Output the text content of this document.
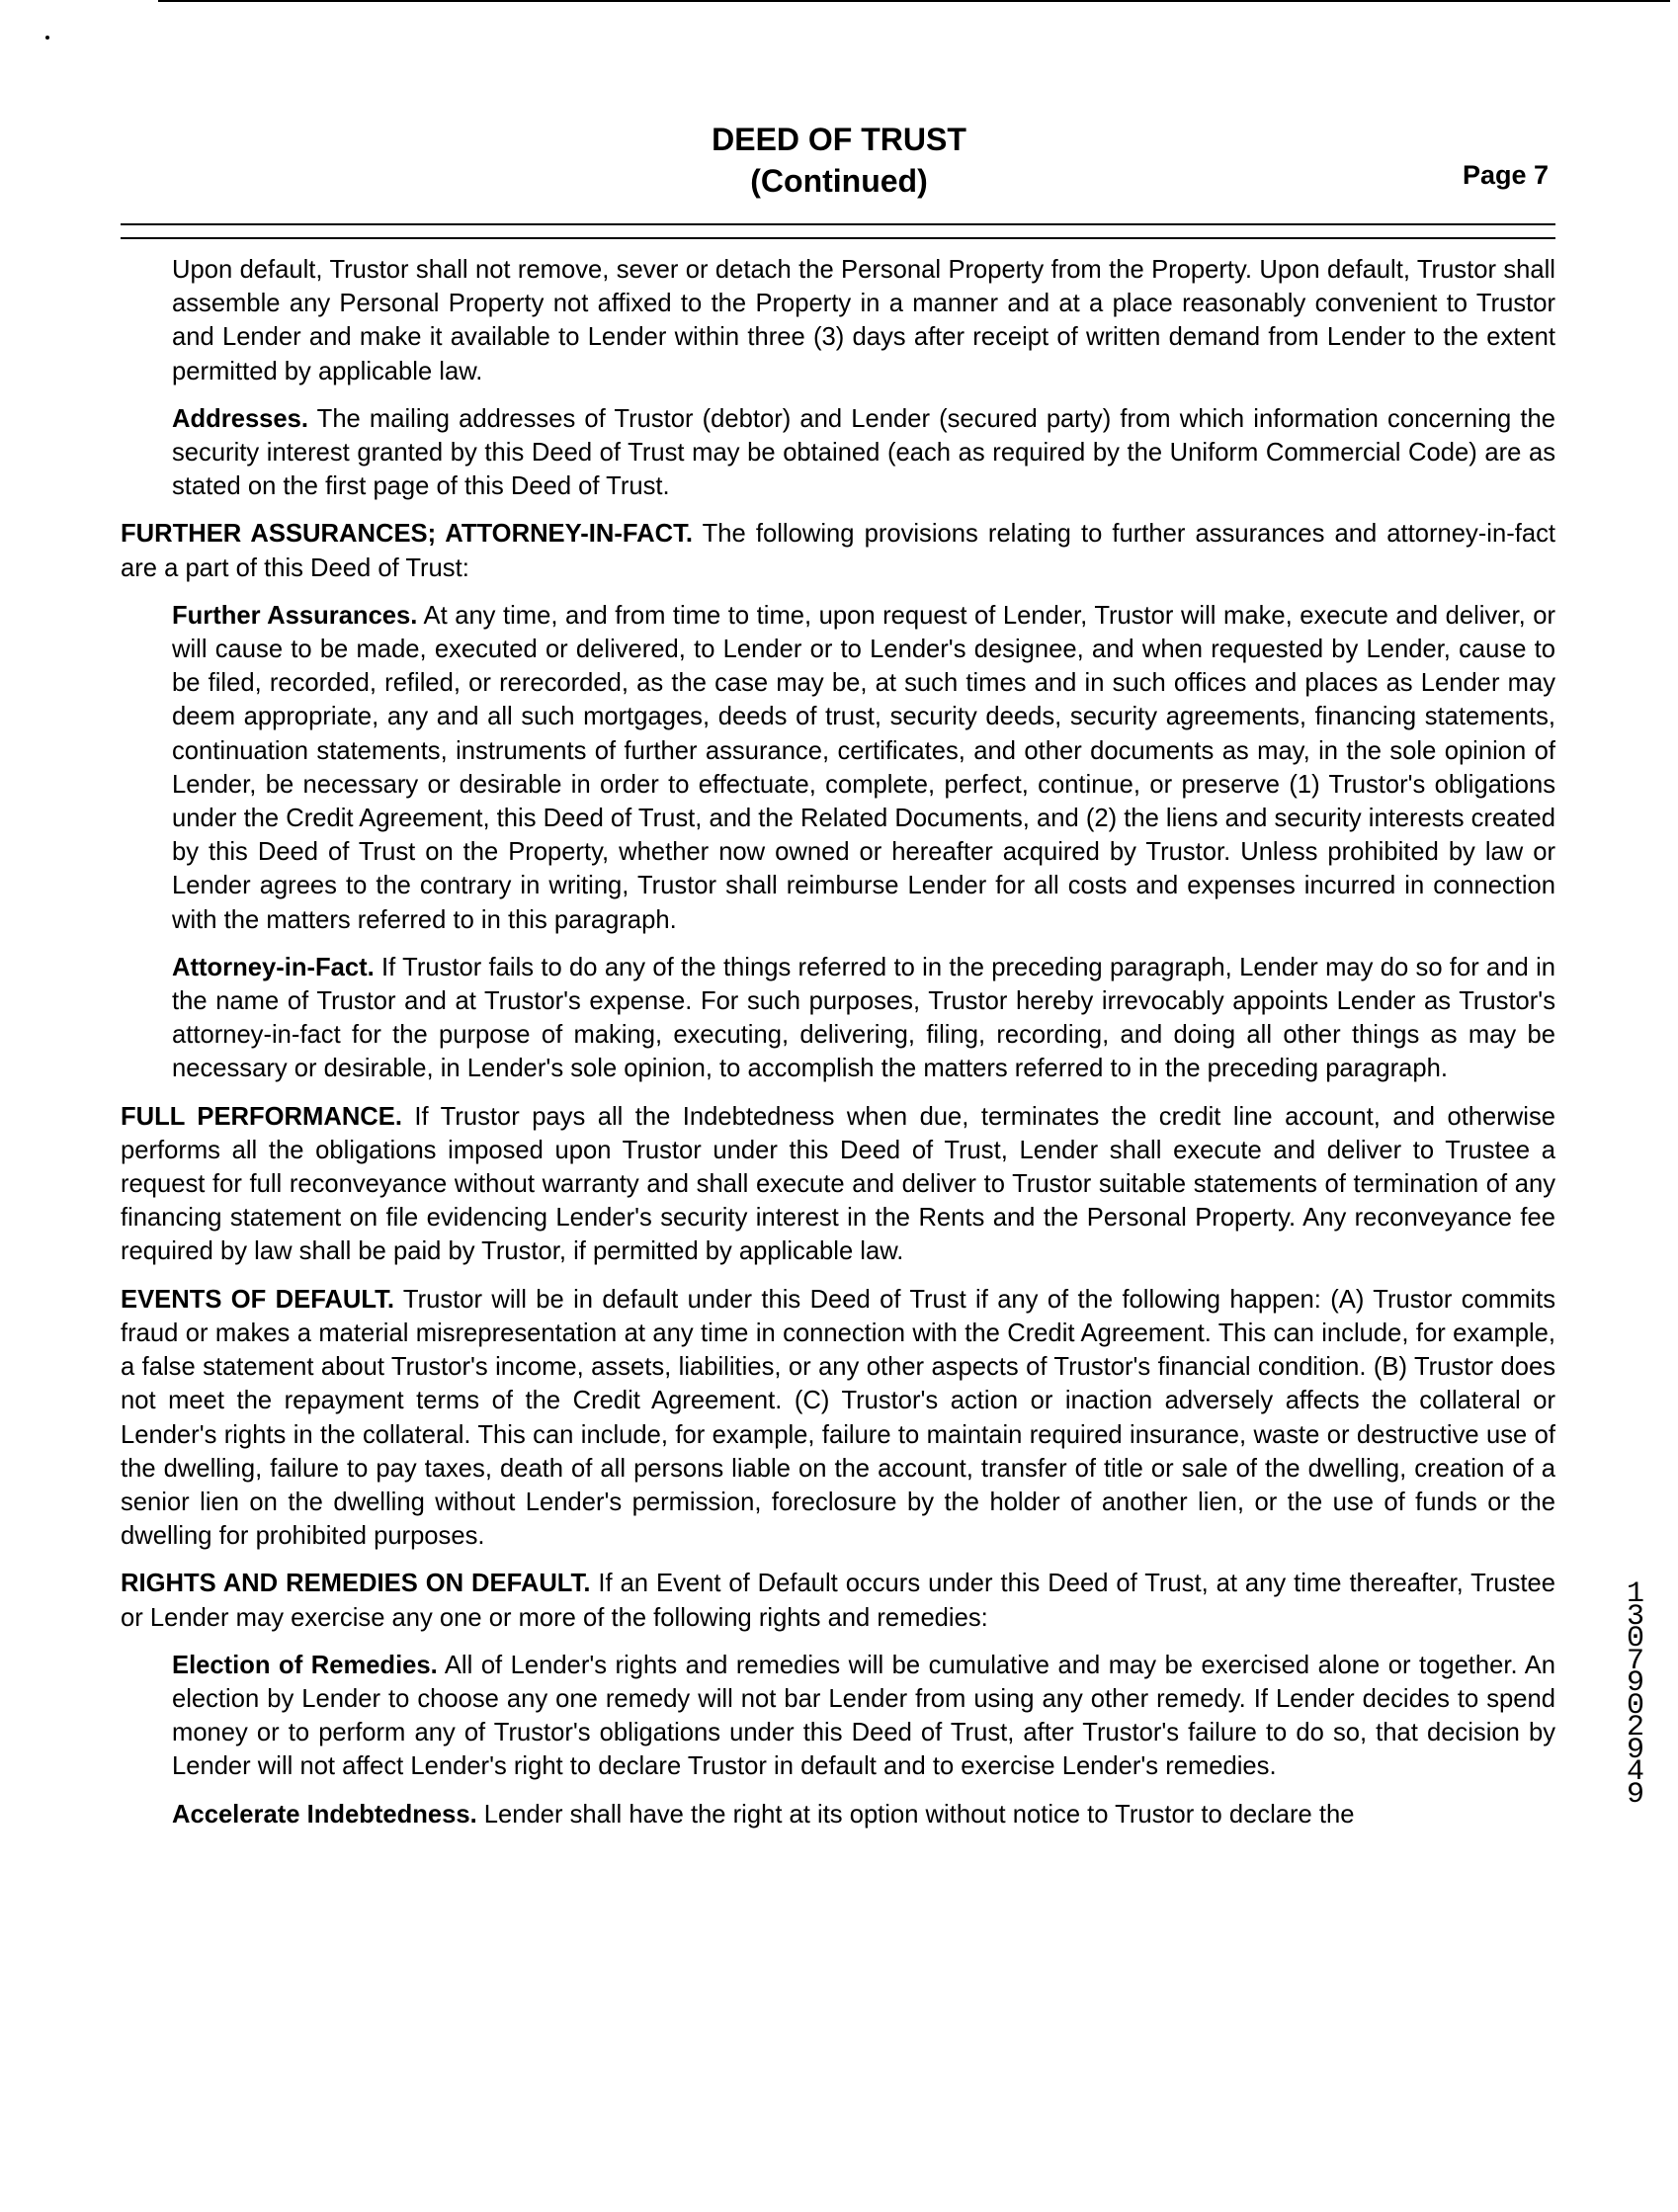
DEED OF TRUST
(Continued)	Page 7

Upon default, Trustor shall not remove, sever or detach the Personal Property from the Property. Upon default, Trustor shall assemble any Personal Property not affixed to the Property in a manner and at a place reasonably convenient to Trustor and Lender and make it available to Lender within three (3) days after receipt of written demand from Lender to the extent permitted by applicable law.

Addresses. The mailing addresses of Trustor (debtor) and Lender (secured party) from which information concerning the security interest granted by this Deed of Trust may be obtained (each as required by the Uniform Commercial Code) are as stated on the first page of this Deed of Trust.

FURTHER ASSURANCES; ATTORNEY-IN-FACT. The following provisions relating to further assurances and attorney-in-fact are a part of this Deed of Trust:

Further Assurances. At any time, and from time to time, upon request of Lender, Trustor will make, execute and deliver, or will cause to be made, executed or delivered, to Lender or to Lender's designee, and when requested by Lender, cause to be filed, recorded, refiled, or rerecorded, as the case may be, at such times and in such offices and places as Lender may deem appropriate, any and all such mortgages, deeds of trust, security deeds, security agreements, financing statements, continuation statements, instruments of further assurance, certificates, and other documents as may, in the sole opinion of Lender, be necessary or desirable in order to effectuate, complete, perfect, continue, or preserve (1) Trustor's obligations under the Credit Agreement, this Deed of Trust, and the Related Documents, and (2) the liens and security interests created by this Deed of Trust on the Property, whether now owned or hereafter acquired by Trustor. Unless prohibited by law or Lender agrees to the contrary in writing, Trustor shall reimburse Lender for all costs and expenses incurred in connection with the matters referred to in this paragraph.

Attorney-in-Fact. If Trustor fails to do any of the things referred to in the preceding paragraph, Lender may do so for and in the name of Trustor and at Trustor's expense. For such purposes, Trustor hereby irrevocably appoints Lender as Trustor's attorney-in-fact for the purpose of making, executing, delivering, filing, recording, and doing all other things as may be necessary or desirable, in Lender's sole opinion, to accomplish the matters referred to in the preceding paragraph.

FULL PERFORMANCE. If Trustor pays all the Indebtedness when due, terminates the credit line account, and otherwise performs all the obligations imposed upon Trustor under this Deed of Trust, Lender shall execute and deliver to Trustee a request for full reconveyance without warranty and shall execute and deliver to Trustor suitable statements of termination of any financing statement on file evidencing Lender's security interest in the Rents and the Personal Property. Any reconveyance fee required by law shall be paid by Trustor, if permitted by applicable law.

EVENTS OF DEFAULT. Trustor will be in default under this Deed of Trust if any of the following happen: (A) Trustor commits fraud or makes a material misrepresentation at any time in connection with the Credit Agreement. This can include, for example, a false statement about Trustor's income, assets, liabilities, or any other aspects of Trustor's financial condition. (B) Trustor does not meet the repayment terms of the Credit Agreement. (C) Trustor's action or inaction adversely affects the collateral or Lender's rights in the collateral. This can include, for example, failure to maintain required insurance, waste or destructive use of the dwelling, failure to pay taxes, death of all persons liable on the account, transfer of title or sale of the dwelling, creation of a senior lien on the dwelling without Lender's permission, foreclosure by the holder of another lien, or the use of funds or the dwelling for prohibited purposes.

RIGHTS AND REMEDIES ON DEFAULT. If an Event of Default occurs under this Deed of Trust, at any time thereafter, Trustee or Lender may exercise any one or more of the following rights and remedies:

Election of Remedies. All of Lender's rights and remedies will be cumulative and may be exercised alone or together. An election by Lender to choose any one remedy will not bar Lender from using any other remedy. If Lender decides to spend money or to perform any of Trustor's obligations under this Deed of Trust, after Trustor's failure to do so, that decision by Lender will not affect Lender's right to declare Trustor in default and to exercise Lender's remedies.

Accelerate Indebtedness. Lender shall have the right at its option without notice to Trustor to declare the

13079 02949
